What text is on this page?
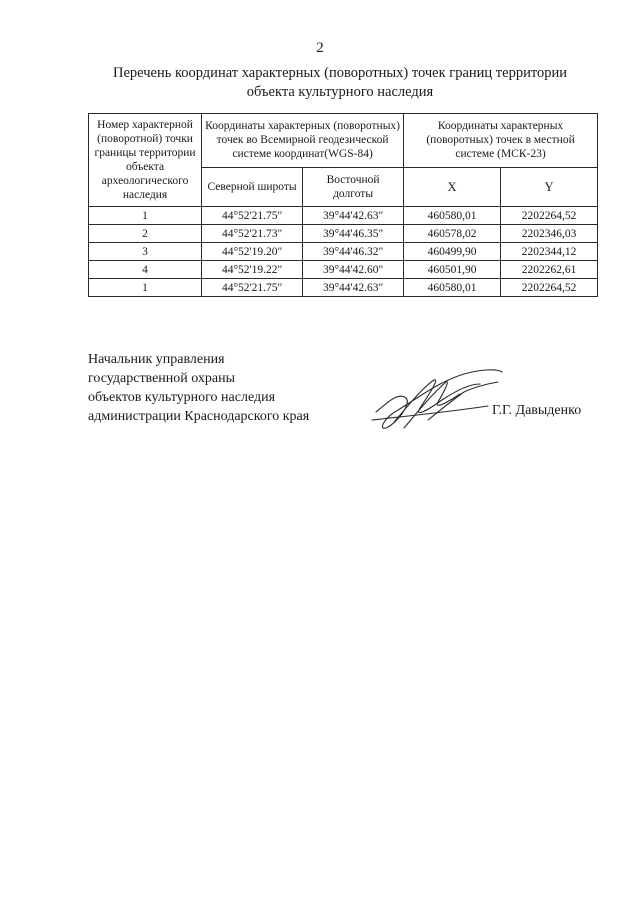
2
Перечень координат характерных (поворотных) точек границ территории
объекта культурного наследия
Номер характерной (поворотной) точки границы территории объекта археологического наследия	Координаты характерных (поворотных) точек во Всемирной геодезической системе координат(WGS-84)		Координаты характерных (поворотных) точек в местной системе (МСК-23)	
	Северной широты	Восточной долготы	X	Y
1	44°52'21.75"	39°44'42.63"	460580,01	2202264,52
2	44°52'21.73"	39°44'46.35"	460578,02	2202346,03
3	44°52'19.20"	39°44'46.32"	460499,90	2202344,12
4	44°52'19.22"	39°44'42.60"	460501,90	2202262,61
1	44°52'21.75"	39°44'42.63"	460580,01	2202264,52
Начальник управления
государственной охраны
объектов культурного наследия
администрации Краснодарского края	Г.Г. Давыденко
